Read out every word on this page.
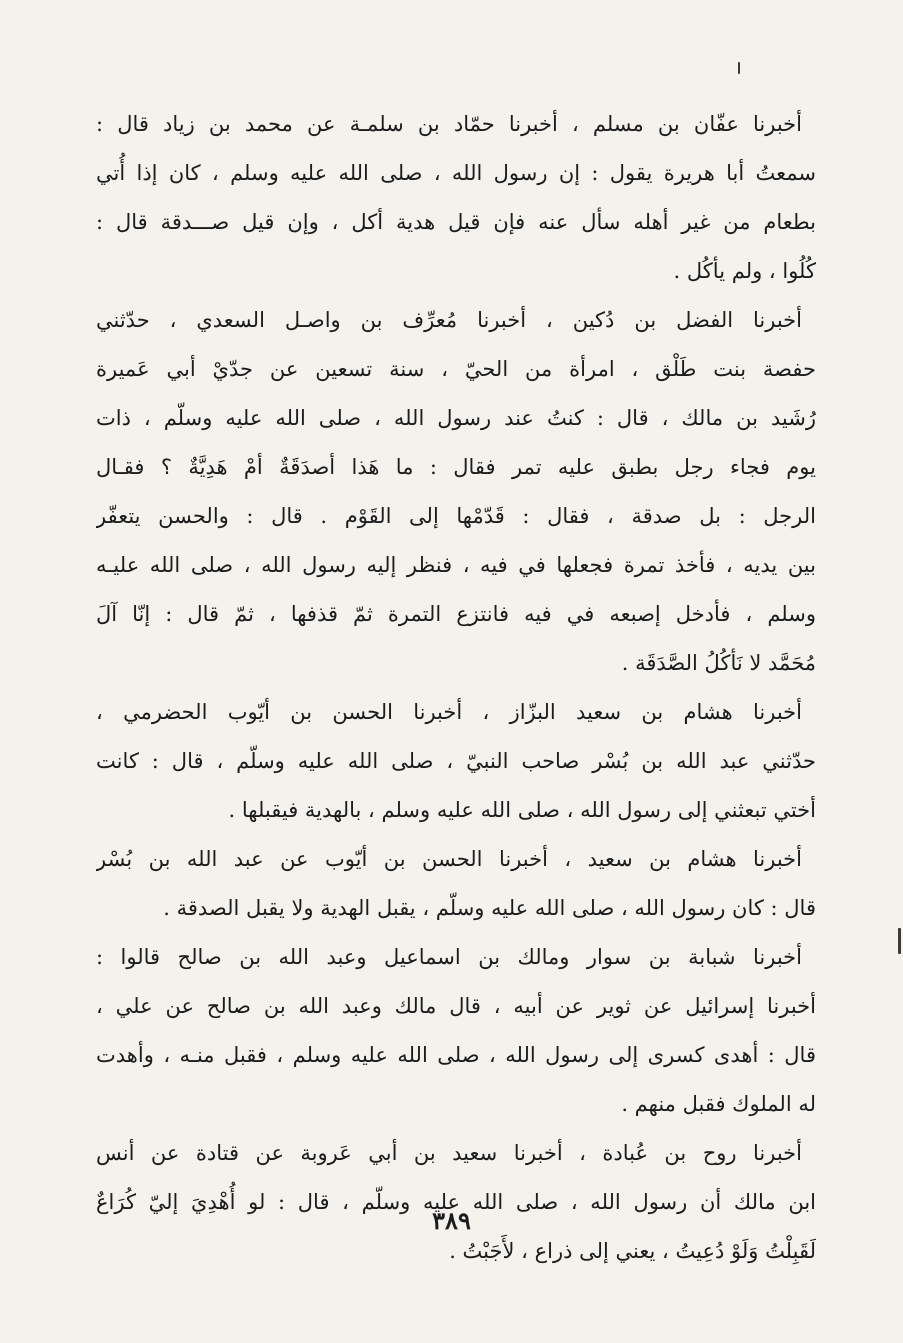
أخبرنا عفّان بن مسلم ، أخبرنا حمّاد بن سلمـة عن محمد بن زياد قال :
سمعتُ أبا هريرة يقول : إن رسول الله ، صلى الله عليه وسلم ، كان إذا أُتي
بطعام من غير أهله سأل عنه فإن قيل هدية أكل ، وإن قيل صـــدقة قال :
كُلُوا ، ولم يأكُل .
أخبرنا الفضل بن دُكين ، أخبرنا مُعرِّف بن واصـل السعدي ، حدّثني
حفصة بنت طَلْق ، امرأة من الحيّ ، سنة تسعين عن جدّيْ أبي عَميرة
رُشَيد بن مالك ، قال : كنتُ عند رسول الله ، صلى الله عليه وسلّم ، ذات
يوم فجاء رجل بطبق عليه تمر فقال : ما هَذا أصدَقَةٌ أمْ هَدِيَّةٌ ؟ فقـال
الرجل : بل صدقة ، فقال : قَدّمْها إلى القَوْم . قال : والحسن يتعفّر
بين يديه ، فأخذ تمرة فجعلها في فيه ، فنظر إليه رسول الله ، صلى الله عليـه
وسلم ، فأدخل إصبعه في فيه فانتزع التمرة ثمّ قذفها ، ثمّ قال : إنّا آلَ
مُحَمَّد لا نَأكُلُ الصَّدَقَة .
أخبرنا هشام بن سعيد البزّاز ، أخبرنا الحسن بن أيّوب الحضرمي ،
حدّثني عبد الله بن بُسْر صاحب النبيّ ، صلى الله عليه وسلّم ، قال : كانت
أختي تبعثني إلى رسول الله ، صلى الله عليه وسلم ، بالهدية فيقبلها .
أخبرنا هشام بن سعيد ، أخبرنا الحسن بن أيّوب عن عبد الله بن بُسْر
قال : كان رسول الله ، صلى الله عليه وسلّم ، يقبل الهدية ولا يقبل الصدقة .
أخبرنا شبابة بن سوار ومالك بن اسماعيل وعبد الله بن صالح قالوا :
أخبرنا إسرائيل عن ثوير عن أبيه ، قال مالك وعبد الله بن صالح عن علي ،
قال : أهدى كسرى إلى رسول الله ، صلى الله عليه وسلم ، فقبل منـه ، وأهدت
له الملوك فقبل منهم .
أخبرنا روح بن عُبادة ، أخبرنا سعيد بن أبي عَروبة عن قتادة عن أنس
ابن مالك أن رسول الله ، صلى الله عليه وسلّم ، قال : لو أُهْدِيَ إليّ كُرَاعٌ
لَقَبِلْتُ وَلَوْ دُعِيتُ ، يعني إلى ذراع ، لأَجَبْتُ .
٣٨٩
